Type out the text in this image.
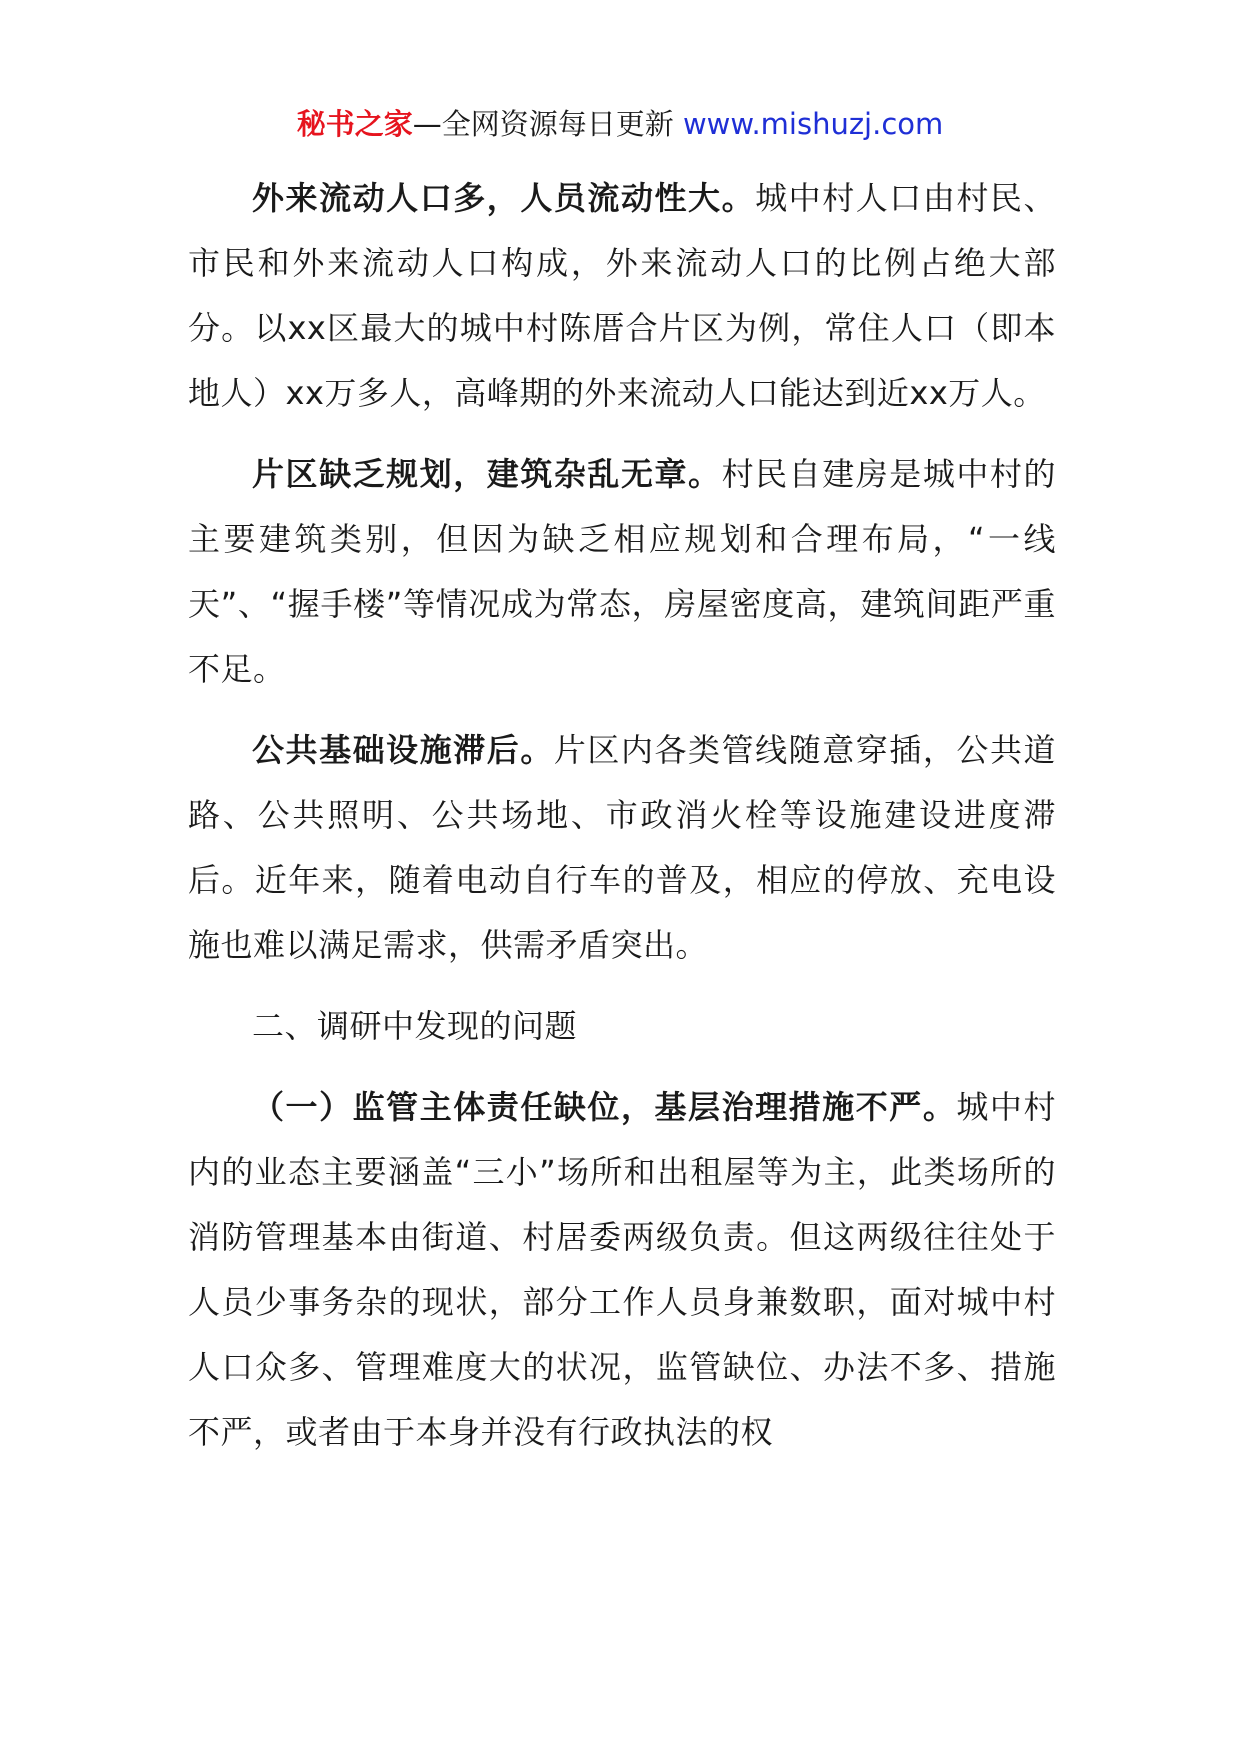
秘书之家—全网资源每日更新 www.mishuzj.com

外来流动人口多，人员流动性大。城中村人口由村民、市民和外来流动人口构成，外来流动人口的比例占绝大部分。以xx区最大的城中村陈厝合片区为例，常住人口（即本地人）xx万多人，高峰期的外来流动人口能达到近xx万人。

片区缺乏规划，建筑杂乱无章。村民自建房是城中村的主要建筑类别，但因为缺乏相应规划和合理布局，“一线天”、“握手楼”等情况成为常态，房屋密度高，建筑间距严重不足。

公共基础设施滞后。片区内各类管线随意穿插，公共道路、公共照明、公共场地、市政消火栓等设施建设进度滞后。近年来，随着电动自行车的普及，相应的停放、充电设施也难以满足需求，供需矛盾突出。

二、调研中发现的问题

（一）监管主体责任缺位，基层治理措施不严。城中村内的业态主要涵盖“三小”场所和出租屋等为主，此类场所的消防管理基本由街道、村居委两级负责。但这两级往往处于人员少事务杂的现状，部分工作人员身兼数职，面对城中村人口众多、管理难度大的状况，监管缺位、办法不多、措施不严，或者由于本身并没有行政执法的权
